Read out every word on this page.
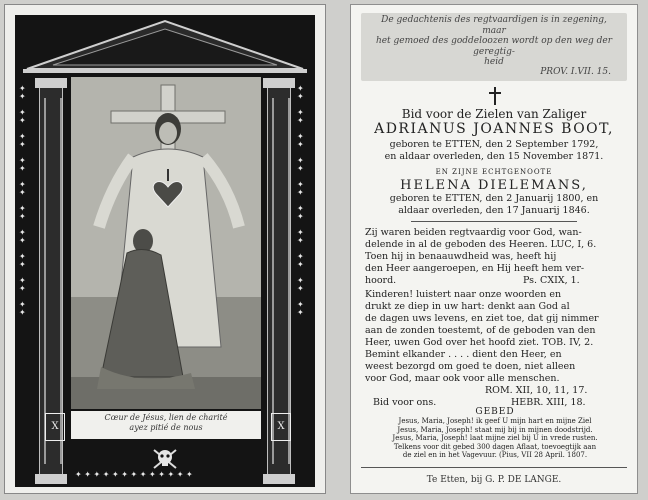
✦
✦

✦
✦

✦
✦

✦
✦

✦
✦

✦
✦

✦
✦

✦
✦

✦
✦

✦
✦
✦
✦

✦
✦

✦
✦

✦
✦

✦
✦

✦
✦

✦
✦

✦
✦

✦
✦

✦
✦
✦ ✦ ✦ ✦ ✦ ✦ ✦ ✦ ✦ ✦ ✦ ✦ ✦
X	X
Cœur de Jésus, lien de charité
ayez pitié de nous
De gedachtenis des regtvaardigen is in zegening, maar
het gemoed des goddeloozen wordt op den weg der geregtig-
heid
PROV. I.VII. 15.
Bid voor de Zielen van Zaliger
ADRIANUS JOANNES BOOT,
geboren te ETTEN, den 2 September 1792,
en aldaar overleden, den 15 November 1871.
EN ZIJNE ECHTGENOOTE
HELENA DIELEMANS,
geboren te ETTEN, den 2 Januarij 1800, en
aldaar overleden, den 17 Januarij 1846.
Zij waren beiden regtvaardig voor God, wan-
delende in al de geboden des Heeren. LUC, I, 6.
Toen hij in benaauwdheid was, heeft hij
den Heer aangeroepen, en Hij heeft hem ver-
hoord.	Ps. CXIX, 1.
Kinderen! luistert naar onze woorden en
drukt ze diep in uw hart: denkt aan God al
de dagen uws levens, en ziet toe, dat gij nimmer
aan de zonden toestemt, of de geboden van den
Heer, uwen God over het hoofd ziet. TOB. IV, 2.
Bemint elkander . . . . dient den Heer, en
weest bezorgd om goed te doen, niet alleen
voor God, maar ook voor alle menschen.
ROM. XII, 10, 11, 17.
Bid voor ons.	HEBR. XIII, 18.
GEBED
Jesus, Maria, Joseph! ik geef U mijn hart en mijne Ziel
Jesus, Maria, Joseph! staat mij bij in mijnen doodstrijd.
Jesus, Maria, Joseph! laat mijne ziel bij U in vrede rusten.
Telkens voor dit gebed 300 dagen Aflaat, toevoegtijk aan
de ziel en in het Vagevuur. (Pius, VII 28 April. 1807.
Te Etten, bij G. P. DE LANGE.
